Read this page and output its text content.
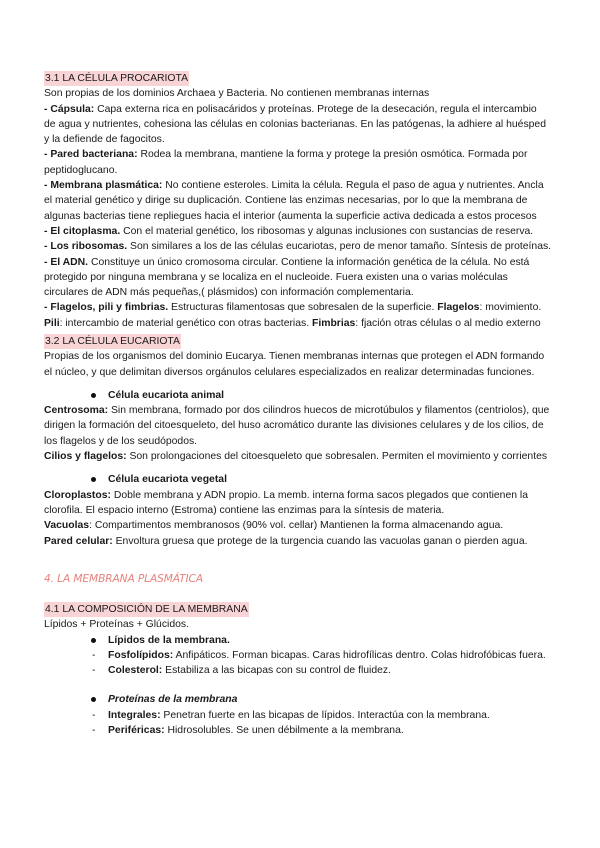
3.1 LA CÉLULA PROCARIOTA
Son propias de los dominios Archaea y Bacteria. No contienen membranas internas
- Cápsula: Capa externa rica en polisacáridos y proteínas. Protege de la desecación, regula el intercambio
de agua y nutrientes, cohesiona las células en colonias bacterianas. En las patógenas, la adhiere al huésped
y la defiende de fagocitos.
- Pared bacteriana: Rodea la membrana, mantiene la forma y protege la presión osmótica. Formada por
peptidoglucano.
- Membrana plasmática: No contiene esteroles. Limita la célula. Regula el paso de agua y nutrientes. Ancla
el material genético y dirige su duplicación. Contiene las enzimas necesarias, por lo que la membrana de
algunas bacterias tiene repliegues hacia el interior (aumenta la superficie activa dedicada a estos procesos
- El citoplasma. Con el material genético, los ribosomas y algunas inclusiones con sustancias de reserva.
- Los ribosomas. Son similares a los de las células eucariotas, pero de menor tamaño. Síntesis de proteínas.
- El ADN. Constituye un único cromosoma circular. Contiene la información genética de la célula. No está
protegido por ninguna membrana y se localiza en el nucleoide. Fuera existen una o varias moléculas
circulares de ADN más pequeñas,( plásmidos) con información complementaria.
- Flagelos, pili y fimbrias. Estructuras filamentosas que sobresalen de la superficie. Flagelos: movimiento.
Pili: intercambio de material genético con otras bacterias. Fimbrias: fjación otras células o al medio externo
3.2 LA CÉLULA EUCARIOTA
Propias de los organismos del dominio Eucarya. Tienen membranas internas que protegen el ADN formando
el núcleo, y que delimitan diversos orgánulos celulares especializados en realizar determinadas funciones.
Célula eucariota animal
Centrosoma: Sin membrana, formado por dos cilindros huecos de microtúbulos y filamentos (centriolos), que
dirigen la formación del citoesqueleto, del huso acromático durante las divisiones celulares y de los cilios, de
los flagelos y de los seudópodos.
Cilios y flagelos: Son prolongaciones del citoesqueleto que sobresalen. Permiten el movimiento y corrientes
Célula eucariota vegetal
Cloroplastos: Doble membrana y ADN propio. La memb. interna forma sacos plegados que contienen la
clorofila. El espacio interno (Estroma) contiene las enzimas para la síntesis de materia.
Vacuolas: Compartimentos membranosos (90% vol. cellar) Mantienen la forma almacenando agua.
Pared celular: Envoltura gruesa que protege de la turgencia cuando las vacuolas ganan o pierden agua.
4. LA MEMBRANA PLASMÁTICA
4.1 LA COMPOSICIÓN DE LA MEMBRANA
Lípidos + Proteínas + Glúcidos.
Lípidos de la membrana.
- Fosfolípidos: Anfipáticos. Forman bicapas. Caras hidrofílicas dentro. Colas hidrofóbicas fuera.
- Colesterol: Estabiliza a las bicapas con su control de fluidez.
Proteínas de la membrana
- Integrales: Penetran fuerte en las bicapas de lípidos. Interactúa con la membrana.
- Periféricas: Hidrosolubles. Se unen débilmente a la membrana.
